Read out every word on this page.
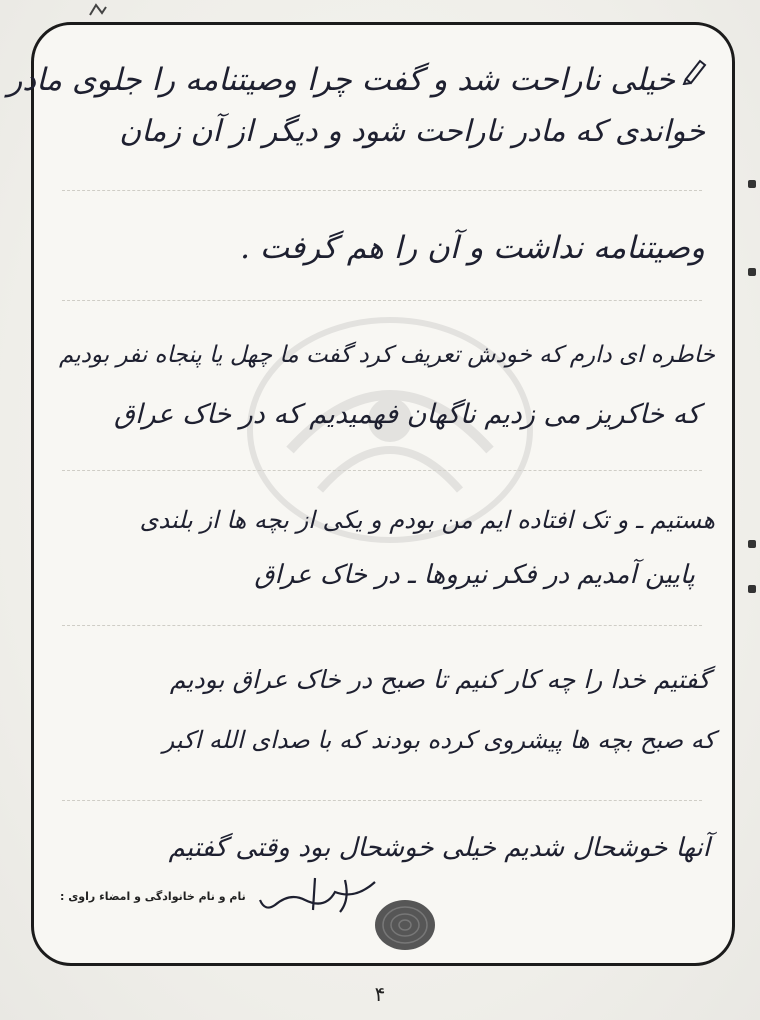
خیلی ناراحت شد و گفت چرا وصیتنامه را جلوی مادر
خواندی که مادر ناراحت شود و دیگر از آن زمان
وصیتنامه نداشت و آن را هم گرفت .
خاطره ای دارم که خودش تعریف کرد گفت ما چهل یا پنجاه نفر بودیم
که خاکریز می زدیم ناگهان فهمیدیم که در خاک عراق
هستیم ـ و تک افتاده ایم من بودم و یکی از بچه ها از بلندی
پایین آمدیم در فکر نیروها ـ در خاک عراق
گفتیم خدا را چه کار کنیم تا صبح در خاک عراق بودیم
که صبح بچه ها پیشروی کرده بودند که با صدای الله اکبر
آنها خوشحال شدیم خیلی خوشحال بود وقتی گفتیم
نام و نام خانوادگی و امضاء راوی :
۴
